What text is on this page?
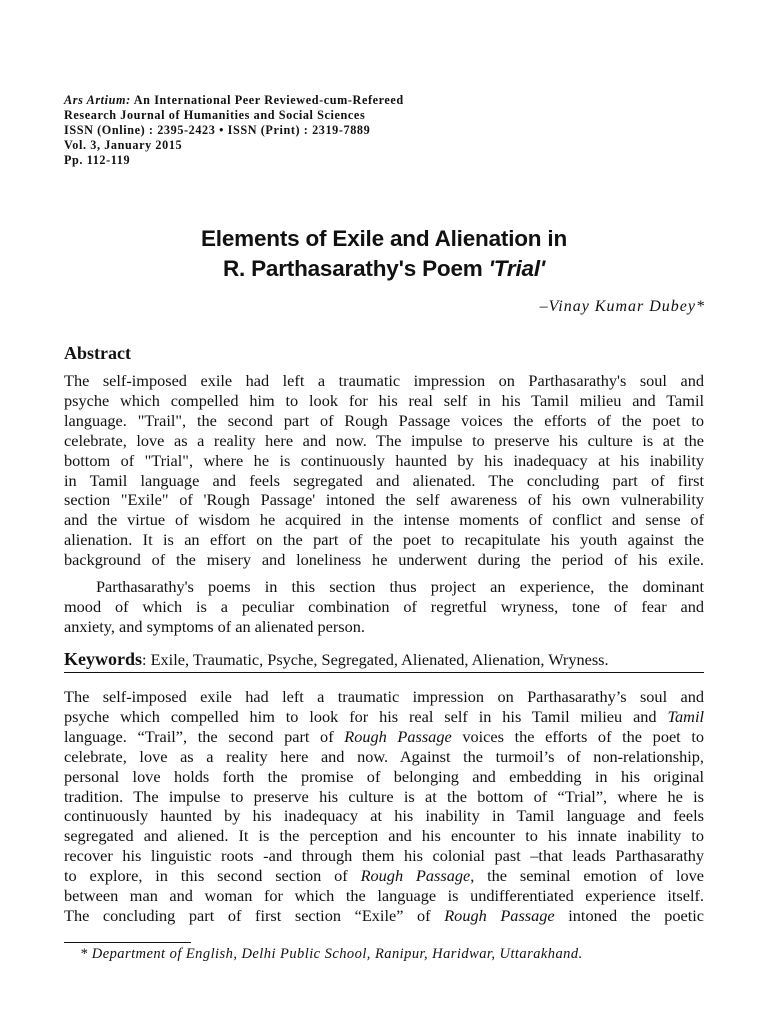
Ars Artium: An International Peer Reviewed-cum-Refereed
Research Journal of Humanities and Social Sciences
ISSN (Online) : 2395-2423 • ISSN (Print) : 2319-7889
Vol. 3, January 2015
Pp. 112-119
Elements of Exile and Alienation in
R. Parthasarathy's Poem 'Trial'
–Vinay Kumar Dubey*
Abstract
The self-imposed exile had left a traumatic impression on Parthasarathy's soul and
psyche which compelled him to look for his real self in his Tamil milieu and Tamil
language. "Trail", the second part of Rough Passage voices the efforts of the poet to
celebrate, love as a reality here and now. The impulse to preserve his culture is at the
bottom of "Trial", where he is continuously haunted by his inadequacy at his inability
in Tamil language and feels segregated and alienated. The concluding part of first
section "Exile" of 'Rough Passage' intoned the self awareness of his own vulnerability
and the virtue of wisdom he acquired in the intense moments of conflict and sense of
alienation. It is an effort on the part of the poet to recapitulate his youth against the
background of the misery and loneliness he underwent during the period of his exile.
Parthasarathy's poems in this section thus project an experience, the dominant
mood of which is a peculiar combination of regretful wryness, tone of fear and
anxiety, and symptoms of an alienated person.
Keywords: Exile, Traumatic, Psyche, Segregated, Alienated, Alienation, Wryness.
The self-imposed exile had left a traumatic impression on Parthasarathy’s soul and
psyche which compelled him to look for his real self in his Tamil milieu and Tamil
language. “Trail”, the second part of Rough Passage voices the efforts of the poet to
celebrate, love as a reality here and now. Against the turmoil’s of non-relationship,
personal love holds forth the promise of belonging and embedding in his original
tradition. The impulse to preserve his culture is at the bottom of “Trial”, where he is
continuously haunted by his inadequacy at his inability in Tamil language and feels
segregated and aliened. It is the perception and his encounter to his innate inability to
recover his linguistic roots -and through them his colonial past –that leads Parthasarathy
to explore, in this second section of Rough Passage, the seminal emotion of love
between man and woman for which the language is undifferentiated experience itself.
The concluding part of first section “Exile” of Rough Passage intoned the poetic
* Department of English, Delhi Public School, Ranipur, Haridwar, Uttarakhand.
